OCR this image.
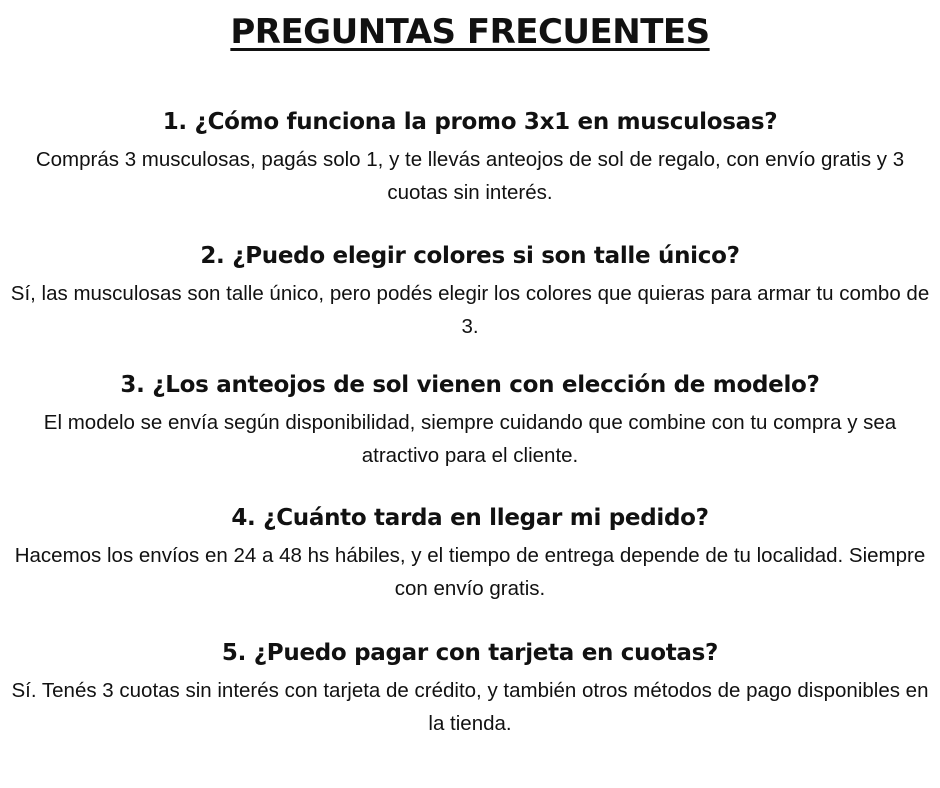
PREGUNTAS FRECUENTES
1. ¿Cómo funciona la promo 3x1 en musculosas?

Comprás 3 musculosas, pagás solo 1, y te llevás anteojos de sol de regalo, con envío gratis y 3 cuotas sin interés.

2. ¿Puedo elegir colores si son talle único?

Sí, las musculosas son talle único, pero podés elegir los colores que quieras para armar tu combo de 3.

3. ¿Los anteojos de sol vienen con elección de modelo?

El modelo se envía según disponibilidad, siempre cuidando que combine con tu compra y sea atractivo para el cliente.

4. ¿Cuánto tarda en llegar mi pedido?

Hacemos los envíos en 24 a 48 hs hábiles, y el tiempo de entrega depende de tu localidad. Siempre con envío gratis.

5. ¿Puedo pagar con tarjeta en cuotas?

Sí. Tenés 3 cuotas sin interés con tarjeta de crédito, y también otros métodos de pago disponibles en la tienda.
